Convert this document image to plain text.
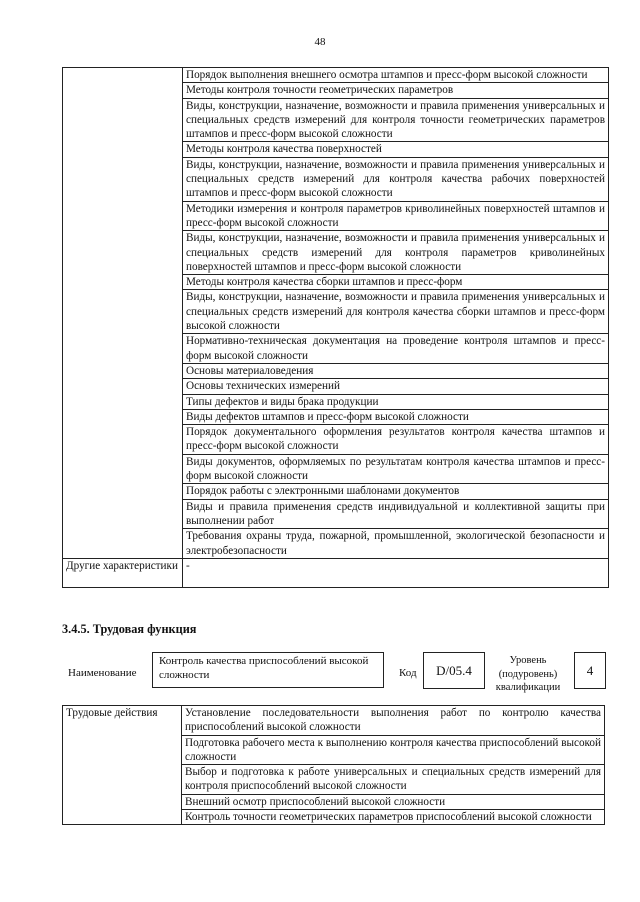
48
	Порядок выполнения внешнего осмотра штампов и пресс-форм высокой сложности
	Методы контроля точности геометрических параметров
	Виды, конструкции, назначение, возможности и правила применения универсальных и специальных средств измерений для контроля точности геометрических параметров штампов и пресс-форм высокой сложности
	Методы контроля качества поверхностей
	Виды, конструкции, назначение, возможности и правила применения универсальных и специальных средств измерений для контроля качества рабочих поверхностей штампов и пресс-форм высокой сложности
	Методики измерения и контроля параметров криволинейных поверхностей штампов и пресс-форм высокой сложности
	Виды, конструкции, назначение, возможности и правила применения универсальных и специальных средств измерений для контроля параметров криволинейных поверхностей штампов и пресс-форм высокой сложности
	Методы контроля качества сборки штампов и пресс-форм
	Виды, конструкции, назначение, возможности и правила применения универсальных и специальных средств измерений для контроля качества сборки штампов и пресс-форм высокой сложности
	Нормативно-техническая документация на проведение контроля штампов и пресс-форм высокой сложности
	Основы материаловедения
	Основы технических измерений
	Типы дефектов и виды брака продукции
	Виды дефектов штампов и пресс-форм высокой сложности
	Порядок документального оформления результатов контроля качества штампов и пресс-форм высокой сложности
	Виды документов, оформляемых по результатам контроля качества штампов и пресс-форм высокой сложности
	Порядок работы с электронными шаблонами документов
	Виды и правила применения средств индивидуальной и коллективной защиты при выполнении работ
	Требования охраны труда, пожарной, промышленной, экологической безопасности и электробезопасности
Другие характеристики	-
3.4.5. Трудовая функция
Наименование
Контроль качества приспособлений высокой сложности	Код D/05.4
Уровень (подуровень) квалификации
4
Трудовые действия	Установление последовательности выполнения работ по контролю качества приспособлений высокой сложности
Подготовка рабочего места к выполнению контроля качества приспособлений высокой сложности
Выбор и подготовка к работе универсальных и специальных средств измерений для контроля приспособлений высокой сложности
Внешний осмотр приспособлений высокой сложности
Контроль точности геометрических параметров приспособлений высокой сложности
